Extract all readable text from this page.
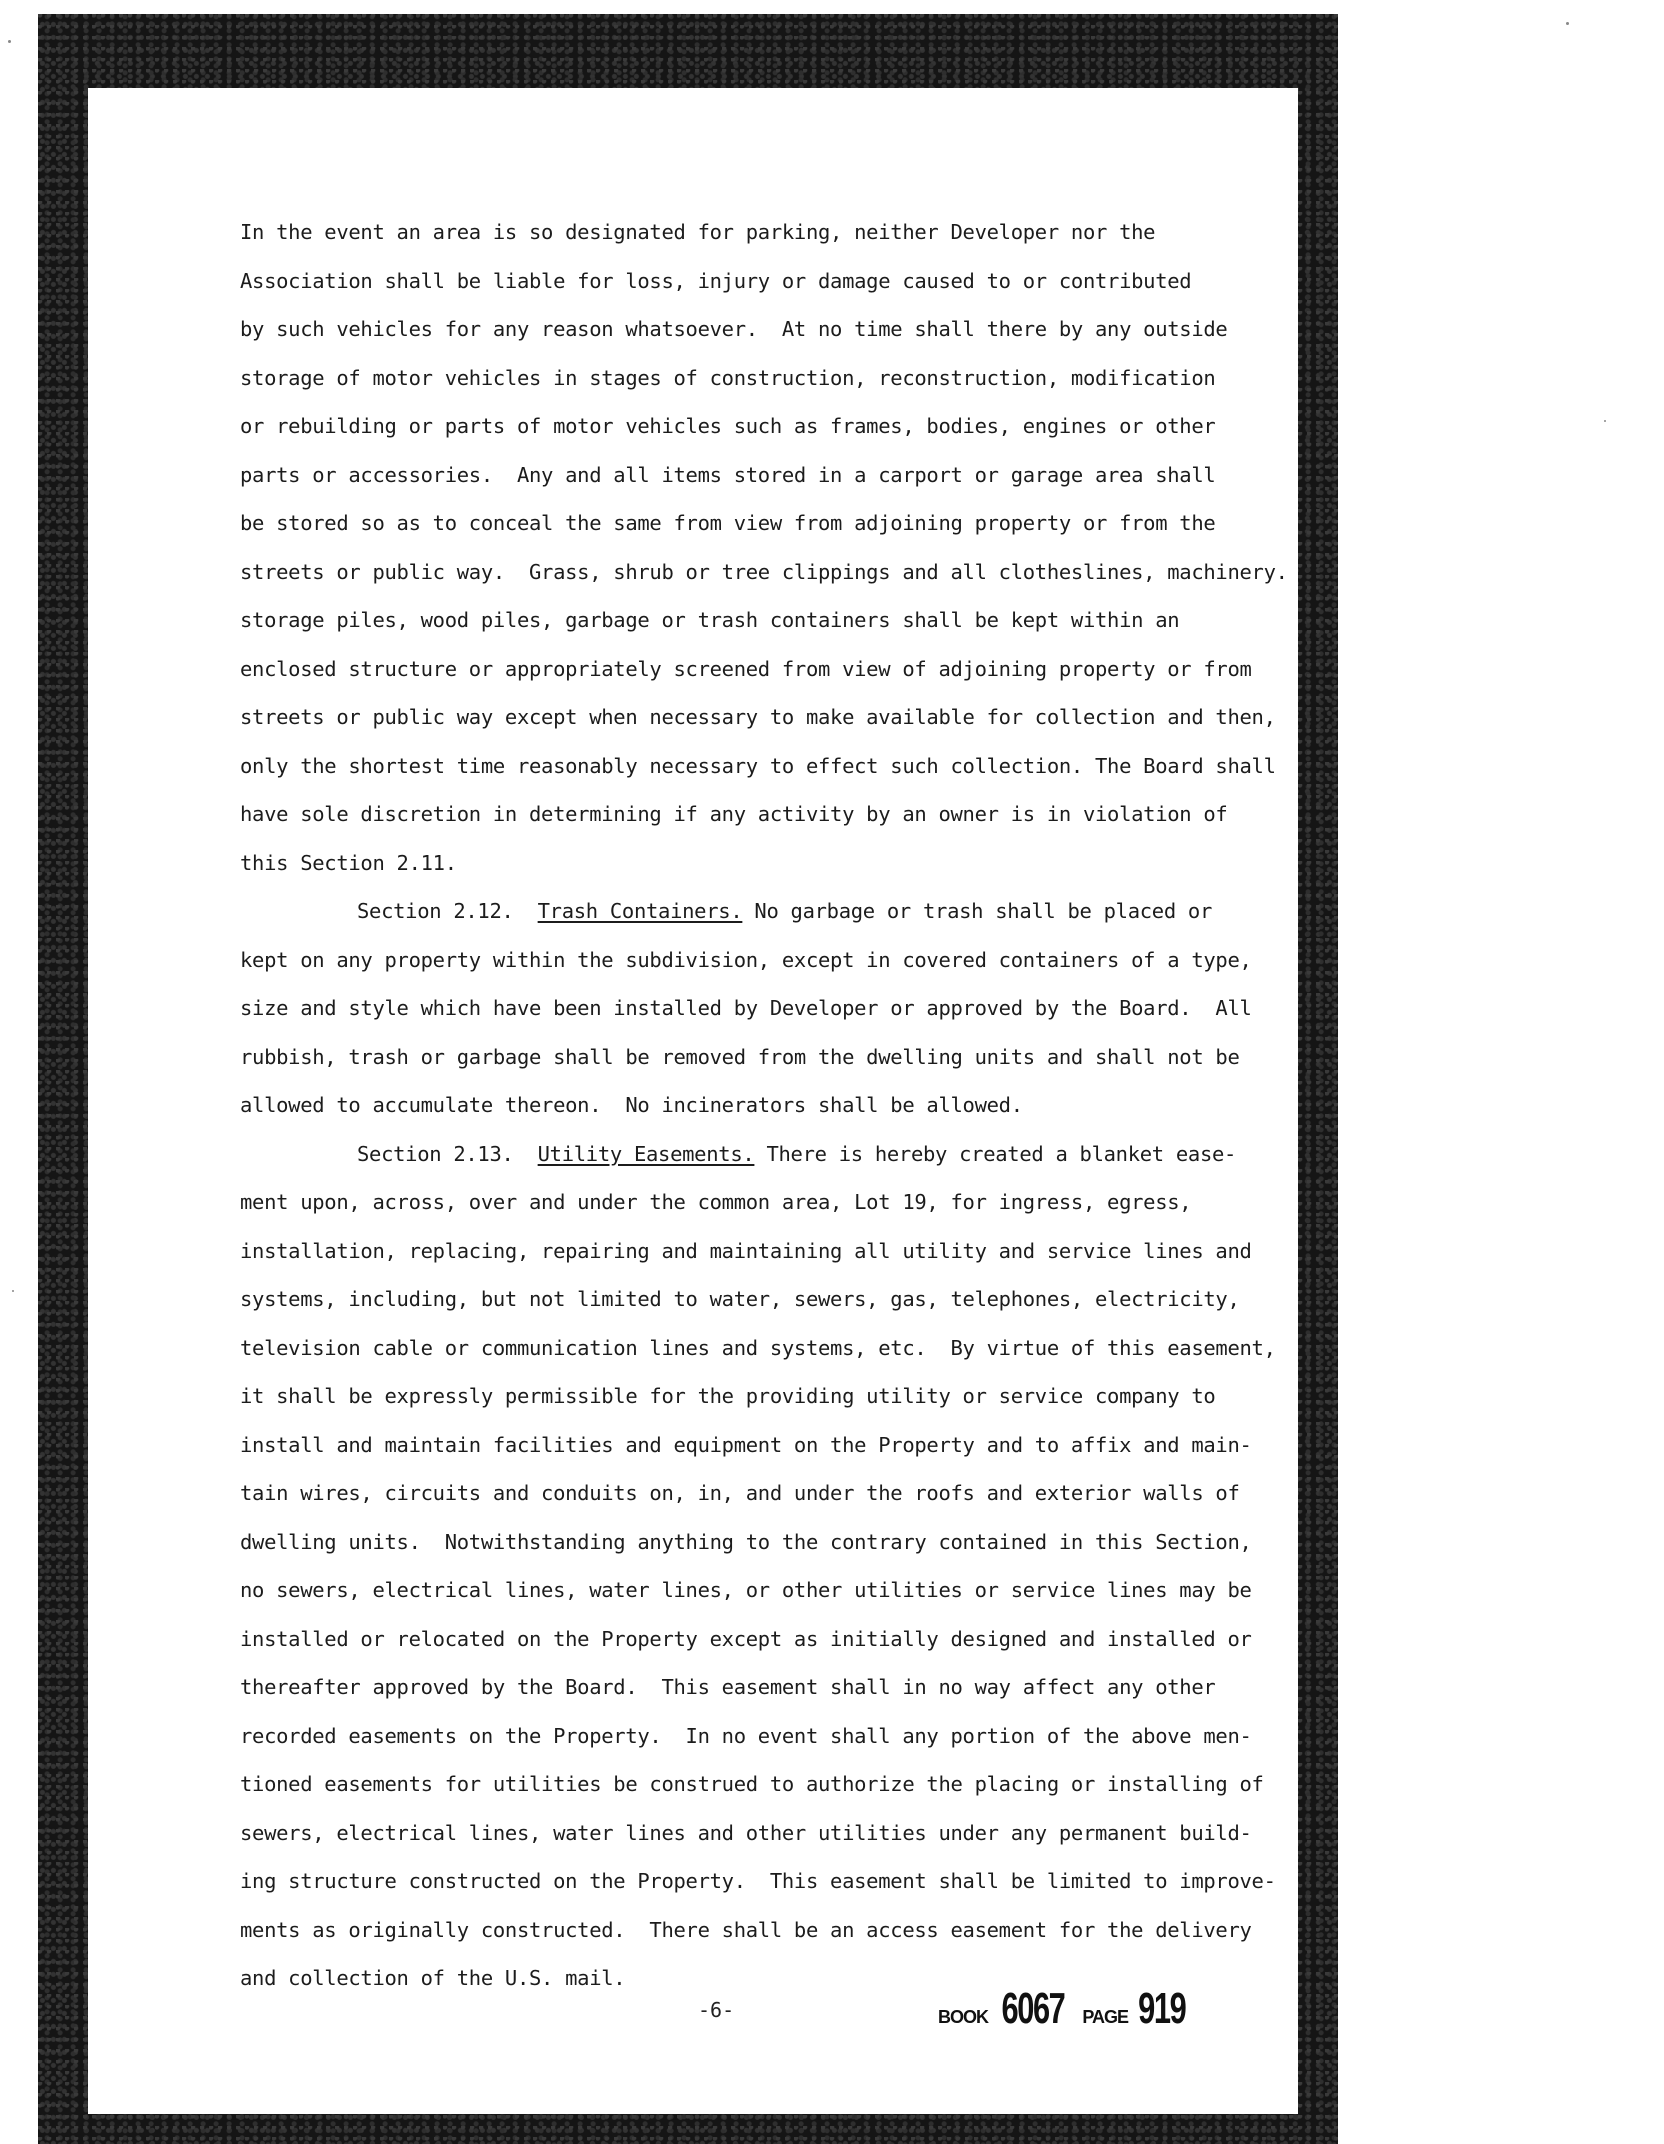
In the event an area is so designated for parking, neither Developer nor the
Association shall be liable for loss, injury or damage caused to or contributed
by such vehicles for any reason whatsoever.  At no time shall there by any outside
storage of motor vehicles in stages of construction, reconstruction, modification
or rebuilding or parts of motor vehicles such as frames, bodies, engines or other
parts or accessories.  Any and all items stored in a carport or garage area shall
be stored so as to conceal the same from view from adjoining property or from the
streets or public way.  Grass, shrub or tree clippings and all clotheslines, machinery.
storage piles, wood piles, garbage or trash containers shall be kept within an
enclosed structure or appropriately screened from view of adjoining property or from
streets or public way except when necessary to make available for collection and then,
only the shortest time reasonably necessary to effect such collection. The Board shall
have sole discretion in determining if any activity by an owner is in violation of
this Section 2.11.
Section 2.12. Trash Containers. No garbage or trash shall be placed or
kept on any property within the subdivision, except in covered containers of a type,
size and style which have been installed by Developer or approved by the Board.  All
rubbish, trash or garbage shall be removed from the dwelling units and shall not be
allowed to accumulate thereon.  No incinerators shall be allowed.
Section 2.13. Utility Easements. There is hereby created a blanket ease-
ment upon, across, over and under the common area, Lot 19, for ingress, egress,
installation, replacing, repairing and maintaining all utility and service lines and
systems, including, but not limited to water, sewers, gas, telephones, electricity,
television cable or communication lines and systems, etc.  By virtue of this easement,
it shall be expressly permissible for the providing utility or service company to
install and maintain facilities and equipment on the Property and to affix and main-
tain wires, circuits and conduits on, in, and under the roofs and exterior walls of
dwelling units.  Notwithstanding anything to the contrary contained in this Section,
no sewers, electrical lines, water lines, or other utilities or service lines may be
installed or relocated on the Property except as initially designed and installed or
thereafter approved by the Board.  This easement shall in no way affect any other
recorded easements on the Property.  In no event shall any portion of the above men-
tioned easements for utilities be construed to authorize the placing or installing of
sewers, electrical lines, water lines and other utilities under any permanent build-
ing structure constructed on the Property.  This easement shall be limited to improve-
ments as originally constructed.  There shall be an access easement for the delivery
and collection of the U.S. mail.
-6-	BOOK 6067 PAGE 919
